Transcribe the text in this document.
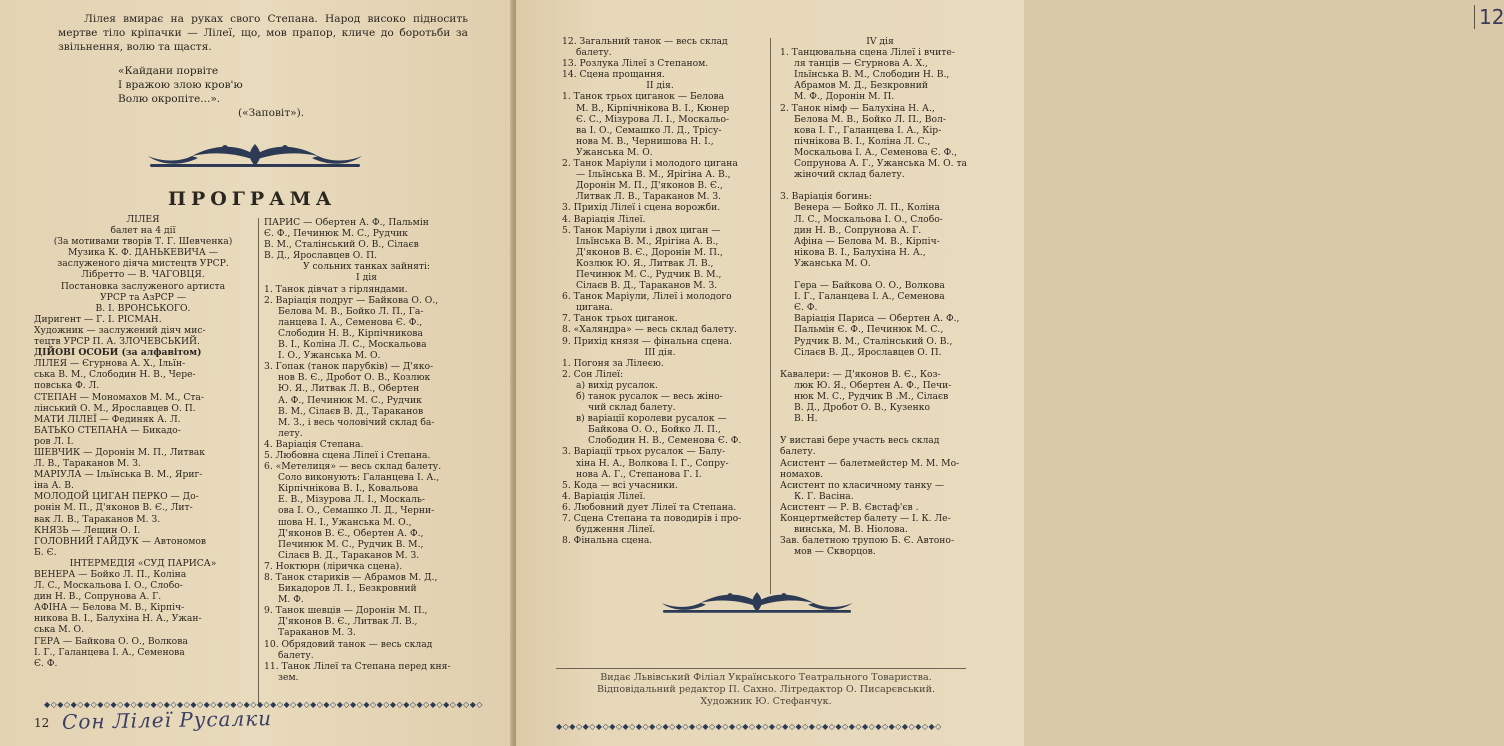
Лілея вмирає на руках свого Степана. Народ високо підносить мертве тіло кріпачки — Лілеї, що, мов прапор, кличе до боротьби за звільнення, волю та щастя.

«Кайдани порвіте
І вражою злою кров'ю
Волю окропіте...».
(«Заповіт»).
ПРОГРАМА
ЛІЛЕЯ
балет на 4 дії
(За мотивами творів Т. Г. Шевченка)
Музика К. Ф. ДАНЬКЕВИЧА —
заслуженого діяча мистецтв УРСР.
Лібретто — В. ЧАГОВЦЯ.
Постановка заслуженого артиста
УРСР та АзРСР —
В. І. ВРОНСЬКОГО.
Диригент — Г. І. РІСМАН.
Художник — заслужений діяч мис-
тецтв УРСР П. А. ЗЛОЧЕВСЬКИЙ.
ДІЙОВІ ОСОБИ (за алфавітом)
ЛІЛЕЯ — Єгурнова А. Х., Ільїн-
ська В. М., Слободин Н. В., Чере-
повська Ф. Л.
СТЕПАН — Мономахов М. М., Ста-
лінський О. М., Ярославцев О. П.
МАТИ ЛІЛЕЇ — Фединяк А. Л.
БАТЬКО СТЕПАНА — Бикадо-
ров Л. І.
ШЕВЧИК — Доронін М. П., Литвак
Л. В., Тараканов М. З.
МАРІУЛА — Ільїнська В. М., Яриг-
іна А. В.
МОЛОДОЙ ЦИГАН ПЕРКО — До-
ронін М. П., Д'яконов В. Є., Лит-
вак Л. В., Тараканов М. З.
КНЯЗЬ — Лещин О. І.
ГОЛОВНИЙ ГАЙДУК — Автономов
Б. Є.
ІНТЕРМЕДІЯ «СУД ПАРИСА»
ВЕНЕРА — Бойко Л. П., Коліна
Л. С., Москальова І. О., Слобо-
дин Н. В., Сопрунова А. Г.
АФІНА — Белова М. В., Кірпіч-
никова В. І., Балухіна Н. А., Ужан-
ська М. О.
ГЕРА — Байкова О. О., Волкова
І. Г., Галанцева І. А., Семенова
Є. Ф.
ПАРИС — Обертен А. Ф., Пальмін
Є. Ф., Печинюк М. С., Рудчик
В. М., Сталінський О. В., Сілаєв
В. Д., Ярославцев О. П.
У сольних танках зайняті:
І дія
1. Танок дівчат з гірляндами.
2. Варіація подруг — Байкова О. О.,
Белова М. В., Бойко Л. П., Га-
ланцева І. А., Семенова Є. Ф.,
Слободин Н. В., Кірпічникова
В. І., Коліна Л. С., Москальова
І. О., Ужанська М. О.
3. Гопак (танок парубків) — Д'яко-
нов В. Є., Дробот О. В., Козлюк
Ю. Я., Литвак Л. В., Обертен
А. Ф., Печинюк М. С., Рудчик
В. М., Сілаєв В. Д., Тараканов
М. З., і весь чоловічий склад ба-
лету.
4. Варіація Степана.
5. Любовна сцена Лілеї і Степана.
6. «Метелиця» — весь склад балету.
Соло виконують: Галанцева І. А.,
Кірпічнікова В. І., Ковальова
Е. В., Мізурова Л. І., Москаль-
ова І. О., Семашко Л. Д., Черни-
шова Н. І., Ужанська М. О.,
Д'яконов В. Є., Обертен А. Ф.,
Печинюк М. С., Рудчик В. М.,
Сілаєв В. Д., Тараканов М. З.
7. Ноктюрн (ліричка сцена).
8. Танок стариків — Абрамов М. Д.,
Бикадоров Л. І., Безкровний
М. Ф.
9. Танок шевців — Доронін М. П.,
Д'яконов В. Є., Литвак Л. В.,
Тараканов М. З.
10. Обрядовий танок — весь склад
балету.
11. Танок Лілеї та Степана перед кня-
зем.
◆◇◆◇◆◇◆◇◆◇◆◇◆◇◆◇◆◇◆◇◆◇◆◇◆◇◆◇◆◇◆◇◆◇◆◇◆◇◆◇◆◇◆◇◆◇◆◇◆◇◆◇◆◇◆◇◆◇◆◇◆◇◆◇◆◇
12 Сон Лілеї Русалки
12
12. Загальний танок — весь склад
балету.
13. Розлука Лілеї з Степаном.
14. Сцена прощання.
II дія.
1. Танок трьох циганок — Белова
М. В., Кірпічнікова В. І., Кюнер
Є. С., Мізурова Л. І., Москальо-
ва І. О., Семашко Л. Д., Трісу-
нова М. В., Чернишова Н. І.,
Ужанська М. О.
2. Танок Маріули і молодого цигана
— Ільїнська В. М., Ярігіна А. В.,
Доронін М. П., Д'яконов В. Є.,
Литвак Л. В., Тараканов М. З.
3. Прихід Лілеї і сцена ворожби.
4. Варіація Лілеї.
5. Танок Маріули і двох циган —
Ільїнська В. М., Ярігіна А. В.,
Д'яконов В. Є., Доронін М. П.,
Козлюк Ю. Я., Литвак Л. В.,
Печинюк М. С., Рудчик В. М.,
Сілаєв В. Д., Тараканов М. З.
6. Танок Маріули, Лілеї і молодого
цигана.
7. Танок трьох циганок.
8. «Халяндра» — весь склад балету.
9. Прихід князя — фінальна сцена.
ІІІ дія.
1. Погоня за Лілеєю.
2. Сон Лілеї:
а) вихід русалок.
б) танок русалок — весь жіно-
чий склад балету.
в) варіації королеви русалок —
Байкова О. О., Бойко Л. П.,
Слободин Н. В., Семенова Є. Ф.
3. Варіації трьох русалок — Балу-
хіна Н. А., Волкова І. Г., Сопру-
нова А. Г., Степанова Г. І.
5. Кода — всі учасники.
4. Варіація Лілеї.
6. Любовний дует Лілеї та Степана.
7. Сцена Степана та поводирів і про-
будження Лілеї.
8. Фінальна сцена.
IV дія
1. Танцювальна сцена Лілеї і вчите-
ля танців — Єгурнова А. Х.,
Ільїнська В. М., Слободин Н. В.,
Абрамов М. Д., Безкровний
М. Ф., Доронін М. П.
2. Танок німф — Балухіна Н. А.,
Белова М. В., Бойко Л. П., Вол-
кова І. Г., Галанцева І. А., Кір-
пічнікова В. І., Коліна Л. С.,
Москальова І. А., Семенова Є. Ф.,
Сопрунова А. Г., Ужанська М. О. та
жіночий склад балету.

3. Варіація богинь:
Венера — Бойко Л. П., Коліна
Л. С., Москальова І. О., Слобо-
дин Н. В., Сопрунова А. Г.
Афіна — Белова М. В., Кірпіч-
нікова В. І., Балухіна Н. А.,
Ужанська М. О.

Гера — Байкова О. О., Волкова
І. Г., Галанцева І. А., Семенова
Є. Ф.
Варіація Париса — Обертен А. Ф.,
Пальмін Є. Ф., Печинюк М. С.,
Рудчик В. М., Сталінський О. В.,
Сілаєв В. Д., Ярославцев О. П.

Кавалери: — Д'яконов В. Є., Коз-
люк Ю. Я., Обертен А. Ф., Печи-
нюк М. С., Рудчик В .М., Сілаєв
В. Д., Дробот О. В., Кузенко
В. Н.

У виставі бере участь весь склад
балету.
Асистент — балетмейстер М. М. Мо-
номахов.
Асистент по класичному танку —
К. Г. Васіна.
Асистент — Р. В. Євстаф'єв .
Концертмейстер балету — І. К. Ле-
винська, М. В. Ніолова.
Зав. балетною трупою Б. Є. Автоно-
мов — Скворцов.
Видає Львівський Філіал Українського Театрального Товариства.
Відповідальний редактор П. Сахно. Літредактор О. Писарєвський.
Художник Ю. Стефанчук.
◆◇◆◇◆◇◆◇◆◇◆◇◆◇◆◇◆◇◆◇◆◇◆◇◆◇◆◇◆◇◆◇◆◇◆◇◆◇◆◇◆◇◆◇◆◇◆◇◆◇◆◇◆◇◆◇◆◇
